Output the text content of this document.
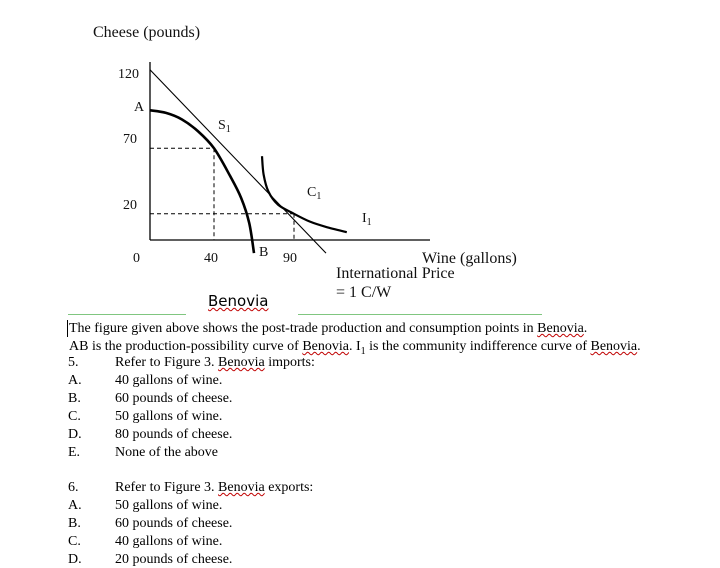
Cheese (pounds)
120
70
20
0	40	90
A
B
$S_1$
$C_1$
$I_1$
Wine (gallons)
International Price
= 1 C/W
Benovia
The figure given above shows the post-trade production and consumption points in Benovia.
AB is the production-possibility curve of Benovia. $I_1$ is the community indifference curve of Benovia.
5.	Refer to Figure 3. Benovia imports:
A. 40 gallons of wine.
B. 60 pounds of cheese.
C. 50 gallons of wine.
D. 80 pounds of cheese.
E. None of the above
6.	Refer to Figure 3. Benovia exports:
A. 50 gallons of wine.
B. 60 pounds of cheese.
C. 40 gallons of wine.
D. 20 pounds of cheese.
